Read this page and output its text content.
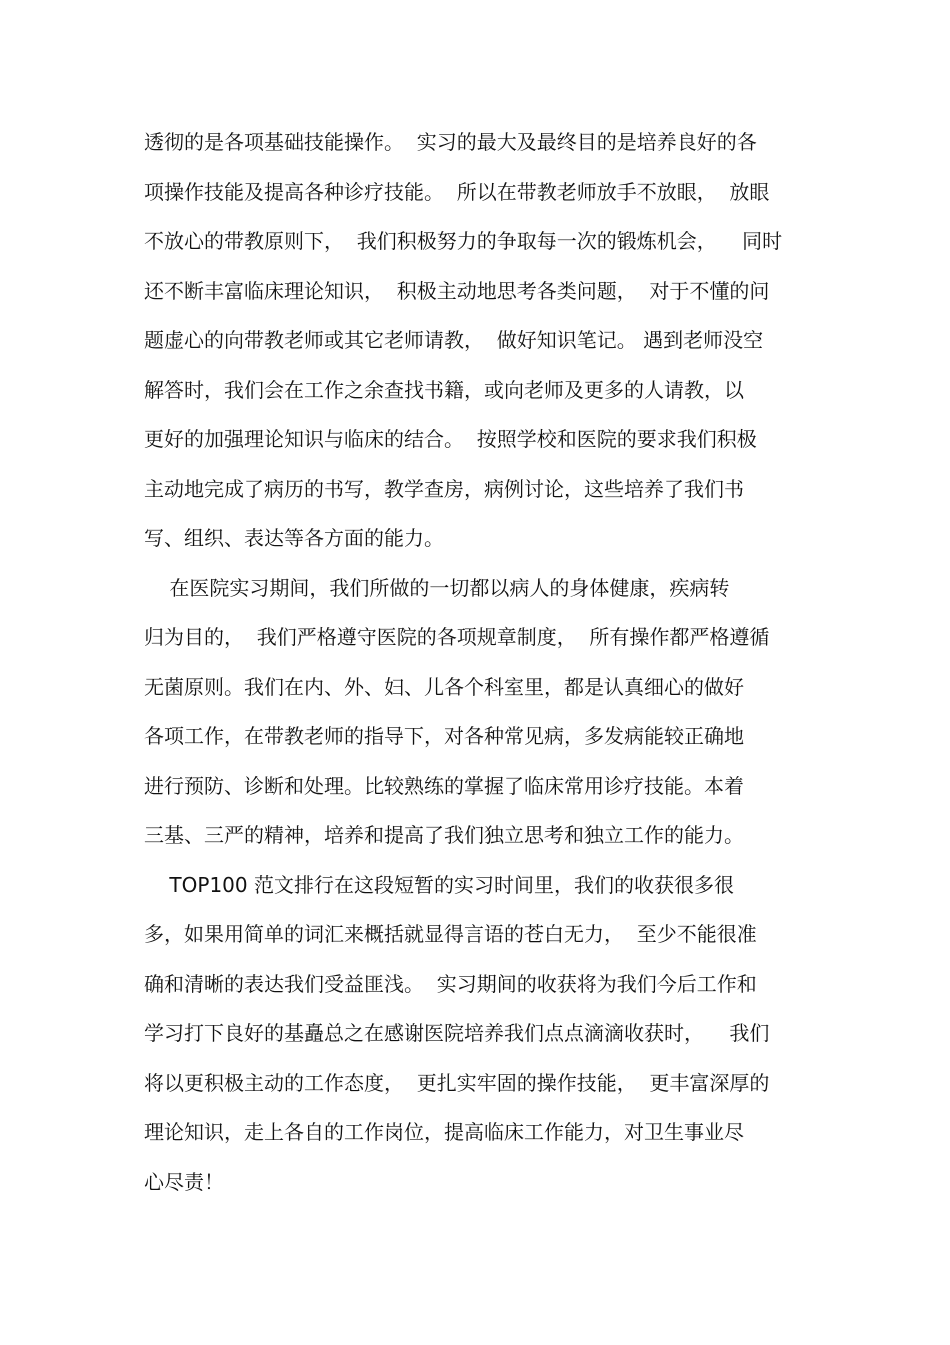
透彻的是各项基础技能操作。  实习的最大及最终目的是培养良好的各
项操作技能及提高各种诊疗技能。  所以在带教老师放手不放眼，  放眼
不放心的带教原则下，  我们积极努力的争取每一次的锻炼机会，    同时
还不断丰富临床理论知识，  积极主动地思考各类问题，  对于不懂的问
题虚心的向带教老师或其它老师请教，  做好知识笔记。 遇到老师没空
解答时，我们会在工作之余查找书籍，或向老师及更多的人请教，以
更好的加强理论知识与临床的结合。  按照学校和医院的要求我们积极
主动地完成了病历的书写，教学查房，病例讨论，这些培养了我们书
写、组织、表达等各方面的能力。
在医院实习期间，我们所做的一切都以病人的身体健康，疾病转
归为目的，  我们严格遵守医院的各项规章制度，  所有操作都严格遵循
无菌原则。我们在内、外、妇、儿各个科室里，都是认真细心的做好
各项工作，在带教老师的指导下，对各种常见病，多发病能较正确地
进行预防、诊断和处理。比较熟练的掌握了临床常用诊疗技能。本着
三基、三严的精神，培养和提高了我们独立思考和独立工作的能力。
TOP100 范文排行在这段短暂的实习时间里，我们的收获很多很
多，如果用简单的词汇来概括就显得言语的苍白无力，  至少不能很准
确和清晰的表达我们受益匪浅。  实习期间的收获将为我们今后工作和
学习打下良好的基矗总之在感谢医院培养我们点点滴滴收获时，    我们
将以更积极主动的工作态度，  更扎实牢固的操作技能，  更丰富深厚的
理论知识，走上各自的工作岗位，提高临床工作能力，对卫生事业尽
心尽责！
